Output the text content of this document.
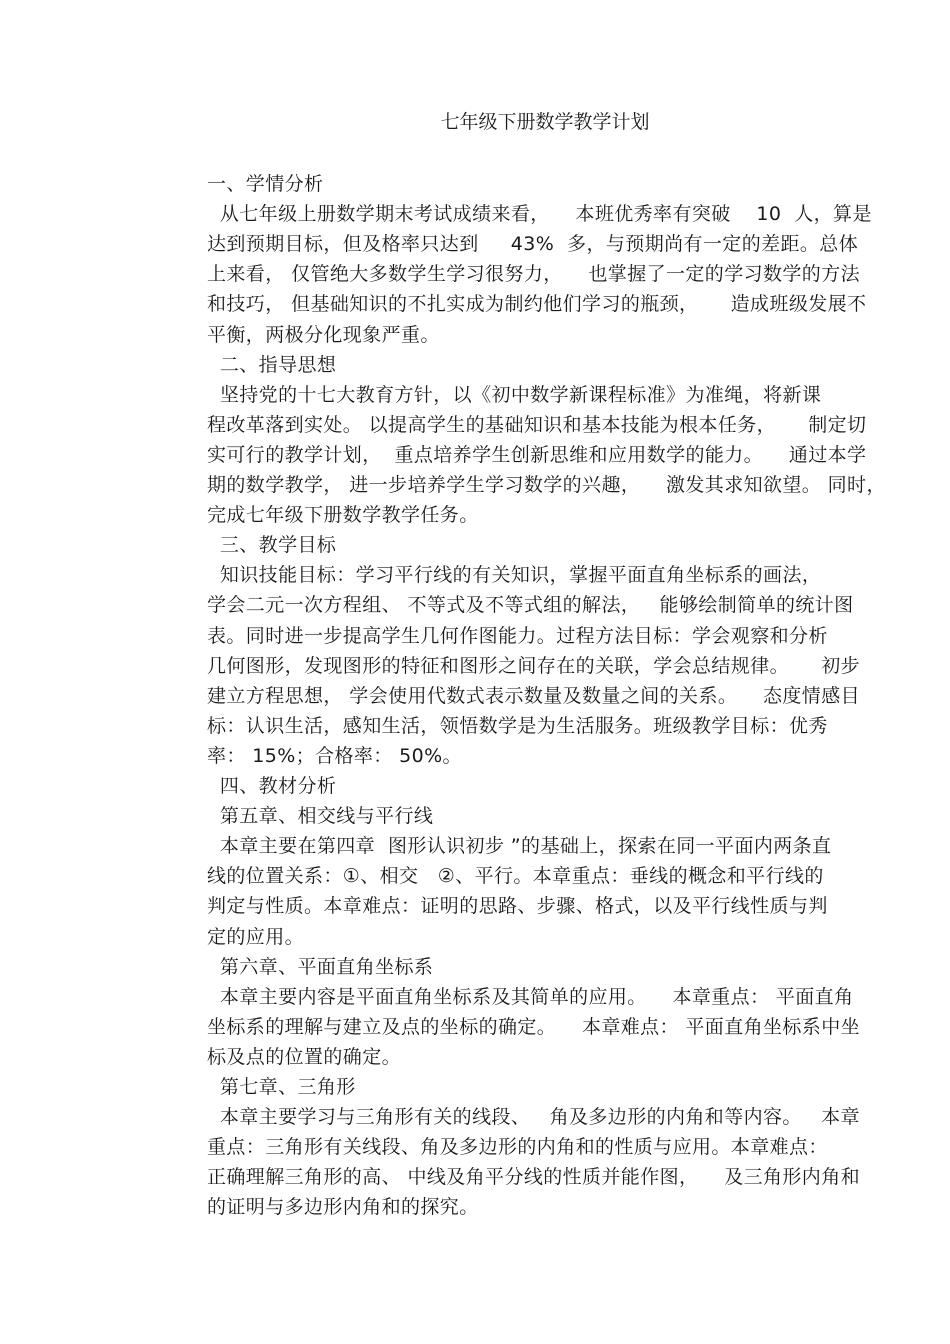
七年级下册数学教学计划
一、学情分析
从七年级上册数学期末考试成绩来看，    本班优秀率有突破    10  人，算是
达到预期目标，但及格率只达到     43%  多，与预期尚有一定的差距。总体
上来看， 仅管绝大多数学生学习很努力，    也掌握了一定的学习数学的方法
和技巧， 但基础知识的不扎实成为制约他们学习的瓶颈，     造成班级发展不
平衡，两极分化现象严重。
二、指导思想
坚持党的十七大教育方针，以《初中数学新课程标准》为准绳，将新课
程改革落到实处。 以提高学生的基础知识和基本技能为根本任务，     制定切
实可行的教学计划，  重点培养学生创新思维和应用数学的能力。    通过本学
期的数学教学， 进一步培养学生学习数学的兴趣，    激发其求知欲望。 同时，
完成七年级下册数学教学任务。
三、教学目标
知识技能目标：学习平行线的有关知识，掌握平面直角坐标系的画法，
学会二元一次方程组、 不等式及不等式组的解法，   能够绘制简单的统计图
表。同时进一步提高学生几何作图能力。过程方法目标：学会观察和分析
几何图形，发现图形的特征和图形之间存在的关联，学会总结规律。     初步
建立方程思想， 学会使用代数式表示数量及数量之间的关系。    态度情感目
标：认识生活，感知生活，领悟数学是为生活服务。班级教学目标：优秀
率： 15%；合格率： 50%。
四、教材分析
第五章、相交线与平行线
本章主要在第四章  图形认识初步 ”的基础上，探索在同一平面内两条直
线的位置关系：①、相交   ②、平行。本章重点：垂线的概念和平行线的
判定与性质。本章难点：证明的思路、步骤、格式，以及平行线性质与判
定的应用。
第六章、平面直角坐标系
本章主要内容是平面直角坐标系及其简单的应用。    本章重点： 平面直角
坐标系的理解与建立及点的坐标的确定。    本章难点： 平面直角坐标系中坐
标及点的位置的确定。
第七章、三角形
本章主要学习与三角形有关的线段、   角及多边形的内角和等内容。   本章
重点：三角形有关线段、角及多边形的内角和的性质与应用。本章难点：
正确理解三角形的高、 中线及角平分线的性质并能作图，    及三角形内角和
的证明与多边形内角和的探究。
